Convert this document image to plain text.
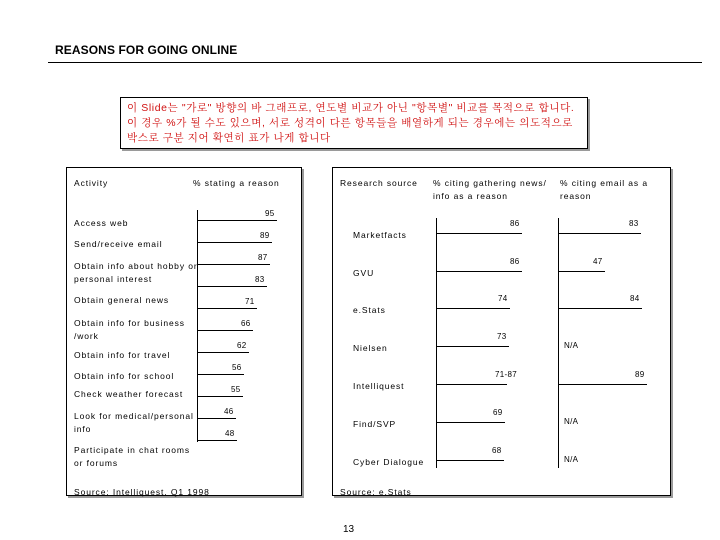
REASONS FOR GOING ONLINE
이 Slide는 "가로" 방향의 바 그래프로, 연도별 비교가 아닌 "항목별" 비교를 목적으로 합니다.
이 경우 %가 될 수도 있으며, 서로 성격이 다른 항목들을 배열하게 되는 경우에는 의도적으로
박스로 구분 지어 확연히 표가 나게 합니다
Activity	% stating a reason
Source: Intelliquest, Q1 1998
Access web
Send/receive email
Obtain info about hobby or
personal interest
Obtain general news
Obtain info for business
/work
Obtain info for travel
Obtain info for school
Check weather forecast
Look for medical/personal
info
Participate in chat rooms
or forums
95
89
87
83
71
66
62
56
55
46
48
Research source % citing gathering news/
info as a reason
% citing email as a
reason
Source: e.Stats
Marketfacts
GVU
e.Stats
Nielsen
Intelliquest
Find/SVP
Cyber Dialogue
86
86
74
73
71-87
69
68
83
47
84
N/A
89
N/A
N/A
13
